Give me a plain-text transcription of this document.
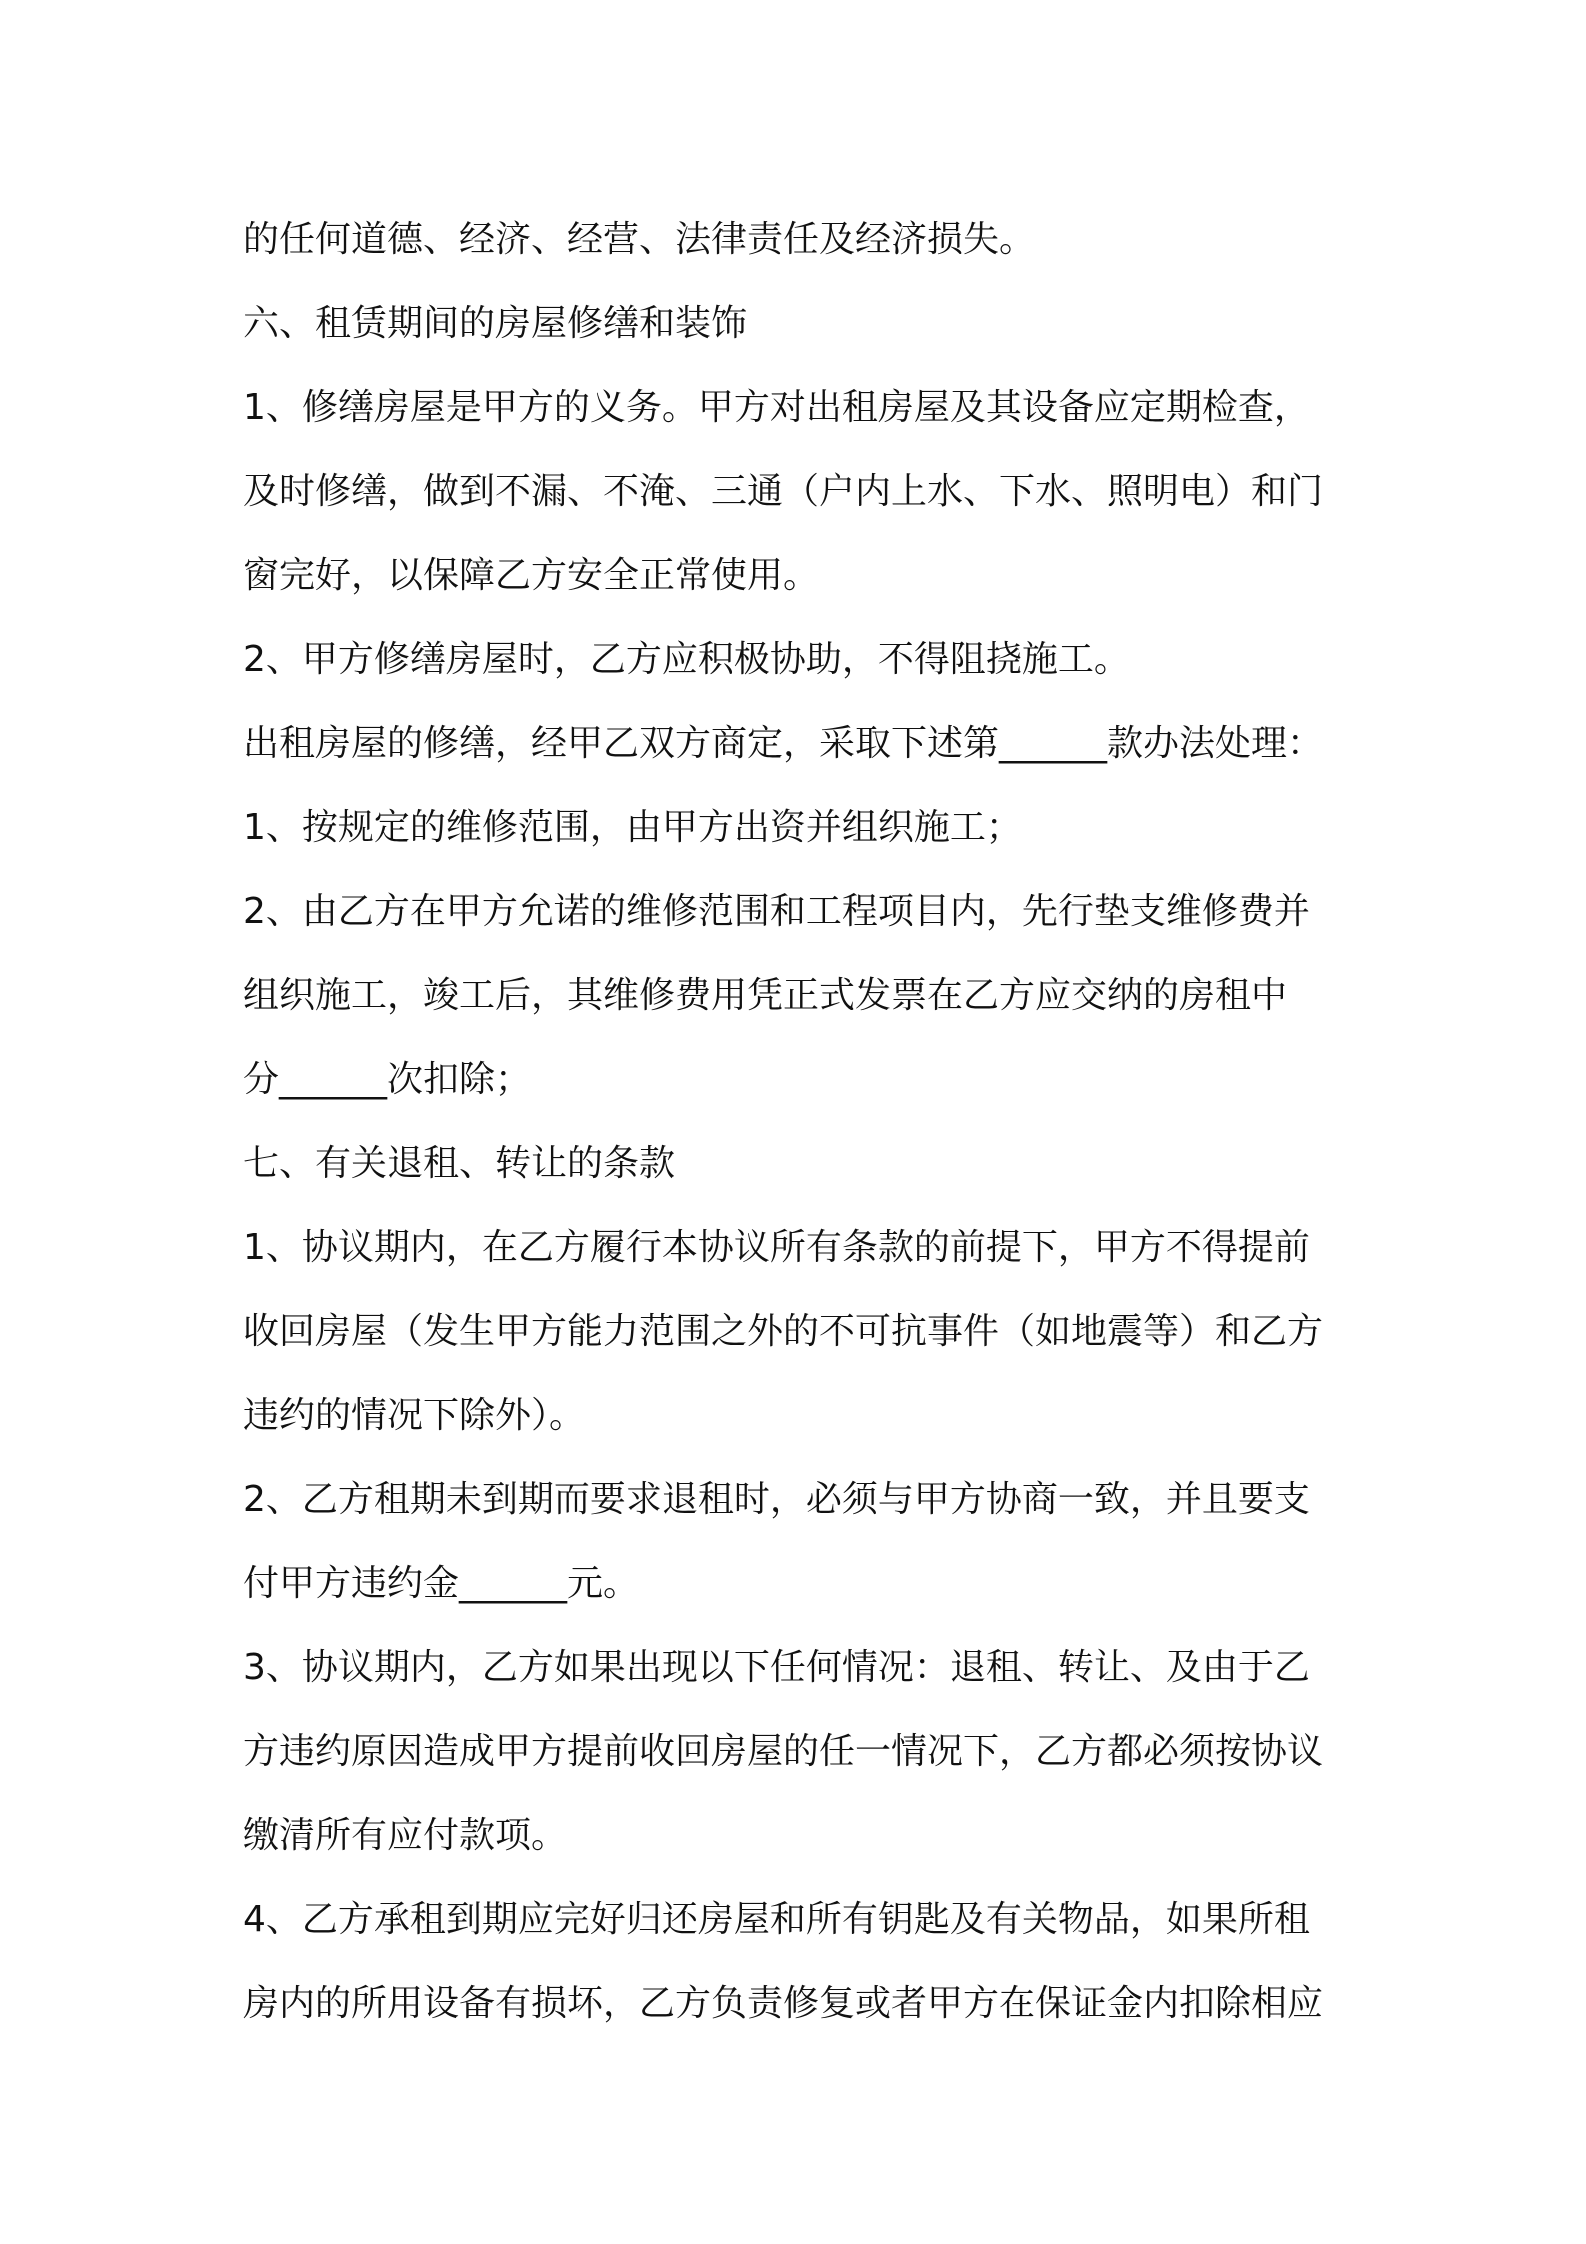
的任何道德、经济、经营、法律责任及经济损失。
六、租赁期间的房屋修缮和装饰
1、修缮房屋是甲方的义务。甲方对出租房屋及其设备应定期检查，
及时修缮，做到不漏、不淹、三通（户内上水、下水、照明电）和门
窗完好，以保障乙方安全正常使用。
2、甲方修缮房屋时，乙方应积极协助，不得阻挠施工。
出租房屋的修缮，经甲乙双方商定，采取下述第______款办法处理：
1、按规定的维修范围，由甲方出资并组织施工；
2、由乙方在甲方允诺的维修范围和工程项目内，先行垫支维修费并
组织施工，竣工后，其维修费用凭正式发票在乙方应交纳的房租中
分______次扣除；
七、有关退租、转让的条款
1、协议期内，在乙方履行本协议所有条款的前提下，甲方不得提前
收回房屋（发生甲方能力范围之外的不可抗事件（如地震等）和乙方
违约的情况下除外）。
2、乙方租期未到期而要求退租时，必须与甲方协商一致，并且要支
付甲方违约金______元。
3、协议期内，乙方如果出现以下任何情况：退租、转让、及由于乙
方违约原因造成甲方提前收回房屋的任一情况下，乙方都必须按协议
缴清所有应付款项。
4、乙方承租到期应完好归还房屋和所有钥匙及有关物品，如果所租
房内的所用设备有损坏，乙方负责修复或者甲方在保证金内扣除相应
